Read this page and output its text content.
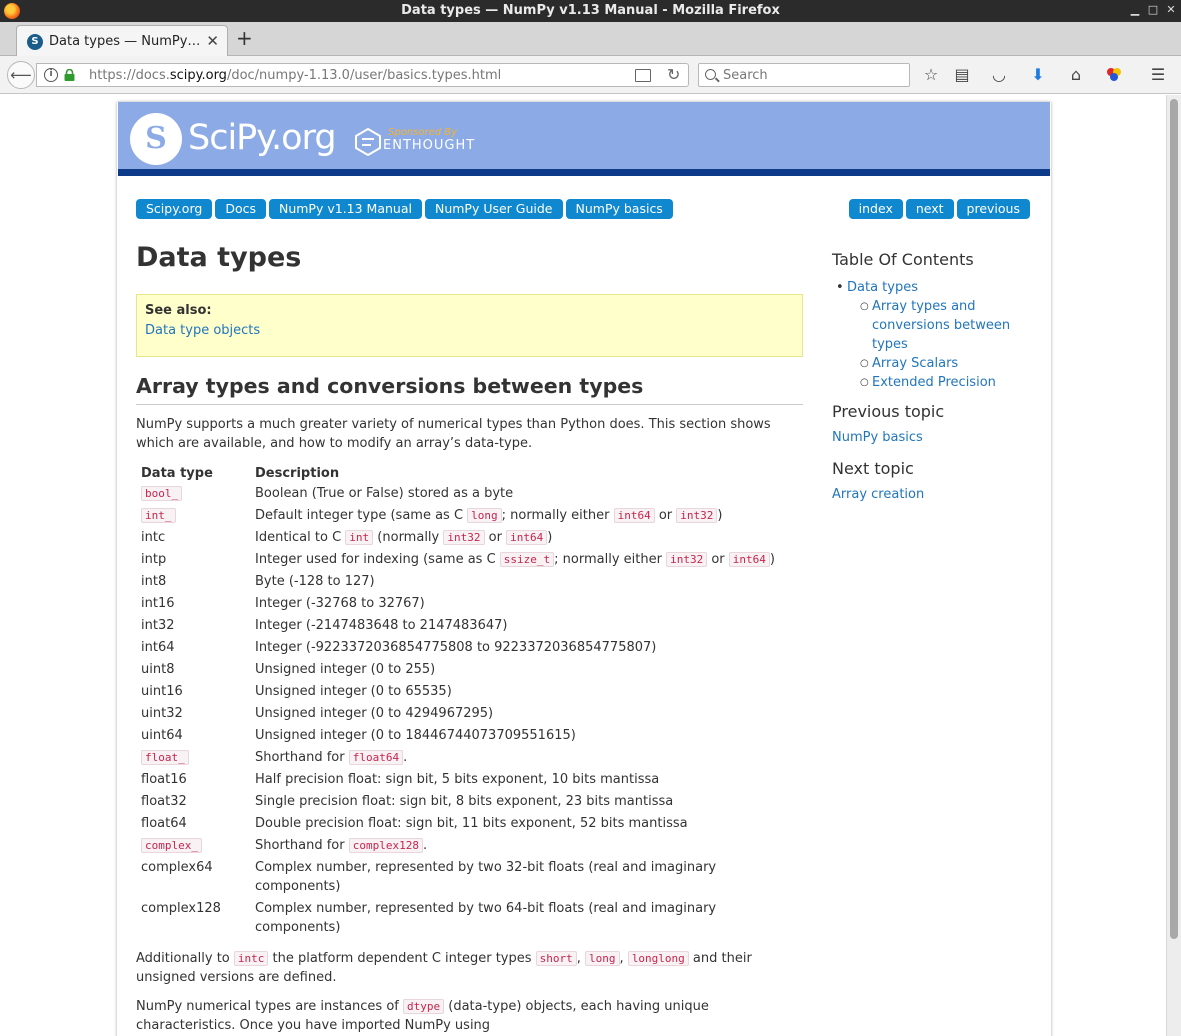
Data types — NumPy v1.13 Manual - Mozilla Firefox	▁ □ ✕
S Data types — NumPy… ✕ +
⟵	i	https://docs.scipy.org/doc/numpy-1.13.0/user/basics.types.html	↻
Search	☆ ▤ ◡ ⬇	⌂	☰
S SciPy.org	Sponsored By
ENTHOUGHT
Scipy.org	Docs	NumPy v1.13 Manual	NumPy User Guide	NumPy basics	index	next	previous
Data types
See also:
Data type objects
Array types and conversions between types
NumPy supports a much greater variety of numerical types than Python does. This section shows which are available, and how to modify an array’s data-type.
Data type	Description
bool_	Boolean (True or False) stored as a byte
int_	Default integer type (same as C long ; normally either int64 or int32 )
intc	Identical to C int (normally int32 or int64 )
intp	Integer used for indexing (same as C ssize_t ; normally either int32 or int64 )
int8	Byte (-128 to 127)
int16	Integer (-32768 to 32767)
int32	Integer (-2147483648 to 2147483647)
int64	Integer (-9223372036854775808 to 9223372036854775807)
uint8	Unsigned integer (0 to 255)
uint16	Unsigned integer (0 to 65535)
uint32	Unsigned integer (0 to 4294967295)
uint64	Unsigned integer (0 to 18446744073709551615)
float_	Shorthand for float64 .
float16	Half precision float: sign bit, 5 bits exponent, 10 bits mantissa
float32	Single precision float: sign bit, 8 bits exponent, 23 bits mantissa
float64	Double precision float: sign bit, 11 bits exponent, 52 bits mantissa
complex_	Shorthand for complex128 .
complex64	Complex number, represented by two 32-bit floats (real and imaginary components)
complex128	Complex number, represented by two 64-bit floats (real and imaginary components)
Additionally to intc the platform dependent C integer types short , long , longlong and their unsigned versions are defined.
NumPy numerical types are instances of dtype (data-type) objects, each having unique characteristics. Once you have imported NumPy using
Table Of Contents
• Data types
○ Array types and conversions between types
○ Array Scalars
○ Extended Precision
Previous topic
NumPy basics
Next topic
Array creation
